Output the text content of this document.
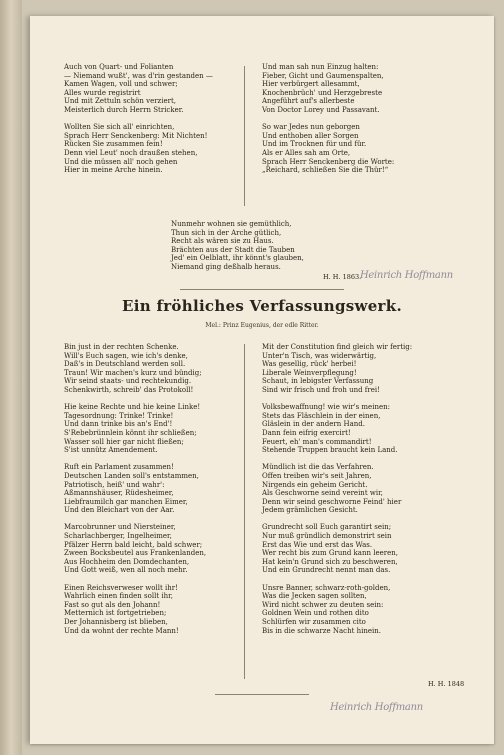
Auch von Quart- und Folianten
— Niemand wußt', was d'rin gestanden —
Kamen Wagen, voll und schwer;
Alles wurde registrirt
Und mit Zettuln schön verziert,
Meisterlich durch Herrn Stricker.
Wollten Sie sich all' einrichten,
Sprach Herr Senckenberg: Mit Nichten!
Rücken Sie zusammen fein!
Denn viel Leut' noch draußen stehen,
Und die müssen all' noch gehen
Hier in meine Arche hinein.
Und man sah nun Einzug halten:
Fieber, Gicht und Gaumenspalten,
Hier verbürgert allesammt,
Knochenbrüch' und Herzgebreste
Angeführt auf's allerbeste
Von Doctor Lorey und Passavant.
So war Jedes nun geborgen
Und enthoben aller Sorgen
Und im Trocknen für und für.
Als er Alles sah am Orte,
Sprach Herr Senckenberg die Worte:
„Reichard, schließen Sie die Thür!“
Nunmehr wohnen sie gemüthlich,
Thun sich in der Arche gütlich,
Recht als wären sie zu Haus.
Brächten aus der Stadt die Tauben
Jed' ein Oelblatt, ihr könnt's glauben,
Niemand ging deßhalb heraus.
H. H. 1863.
Heinrich Hoffmann
Ein fröhliches Verfassungswerk.
Mel.: Prinz Eugenius, der edle Ritter.
Bin just in der rechten Schenke.
Will's Euch sagen, wie ich's denke,
Daß's in Deutschland werden soll.
Traun! Wir machen's kurz und bündig;
Wir seind staats- und rechtekundig.
Schenkwirth, schreib' das Protokoll!
Hie keine Rechte und hie keine Linke!
Tagesordnung: Trinke! Trinke!
Und dann trinke bis an's End'!
S'Rebebrünnlein könnt ihr schließen;
Wasser soll hier gar nicht fließen;
S'ist unnütz Amendement.
Ruft ein Parlament zusammen!
Deutschen Landen soll's entstammen,
Patriotisch, heiß' und wahr':
Aßmannshäuser, Rüdesheimer,
Liebfraumilch gar manchen Eimer,
Und den Bleichart von der Aar.
Marcobrunner und Niersteiner,
Scharlachberger, Ingelheimer,
Pfälzer Herrn bald leicht, bald schwer;
Zween Bocksbeutel aus Frankenlanden,
Aus Hochheim den Domdechanten,
Und Gott weiß, wen all noch mehr.
Einen Reichsverweser wollt ihr!
Wahrlich einen finden sollt ihr,
Fast so gut als den Johann!
Metternich ist fortgetrieben;
Der Johannisberg ist blieben,
Und da wohnt der rechte Mann!
Mit der Constitution find gleich wir fertig:
Unter'n Tisch, was widerwärtig,
Was gesellig, rück' herbei!
Liberale Weinverpflegung!
Schaut, in lebigster Verfassung
Sind wir frisch und froh und frei!
Volksbewaffnung! wie wir's meinen:
Stets das Fläschlein in der einen,
Gläslein in der andern Hand.
Dann fein eifrig exercirt!
Feuert, eh' man's commandirt!
Stehende Truppen braucht kein Land.
Mündlich ist die das Verfahren.
Offen treiben wir's seit Jahren,
Nirgends ein geheim Gericht.
Als Geschworne seind vereint wir,
Denn wir seind geschworne Feind' hier
Jedem grämlichen Gesicht.
Grundrecht soll Euch garantirt sein;
Nur muß gründlich demonstrirt sein
Erst das Wie und erst das Was.
Wer recht bis zum Grund kann leeren,
Hat kein'n Grund sich zu beschweren,
Und ein Grundrecht nennt man das.
Unsre Banner, schwarz-roth-golden,
Was die Jecken sagen sollten,
Wird nicht schwer zu deuten sein:
Goldnen Wein und rothen dito
Schlürfen wir zusammen cito
Bis in die schwarze Nacht hinein.
H. H. 1848
Heinrich Hoffmann
